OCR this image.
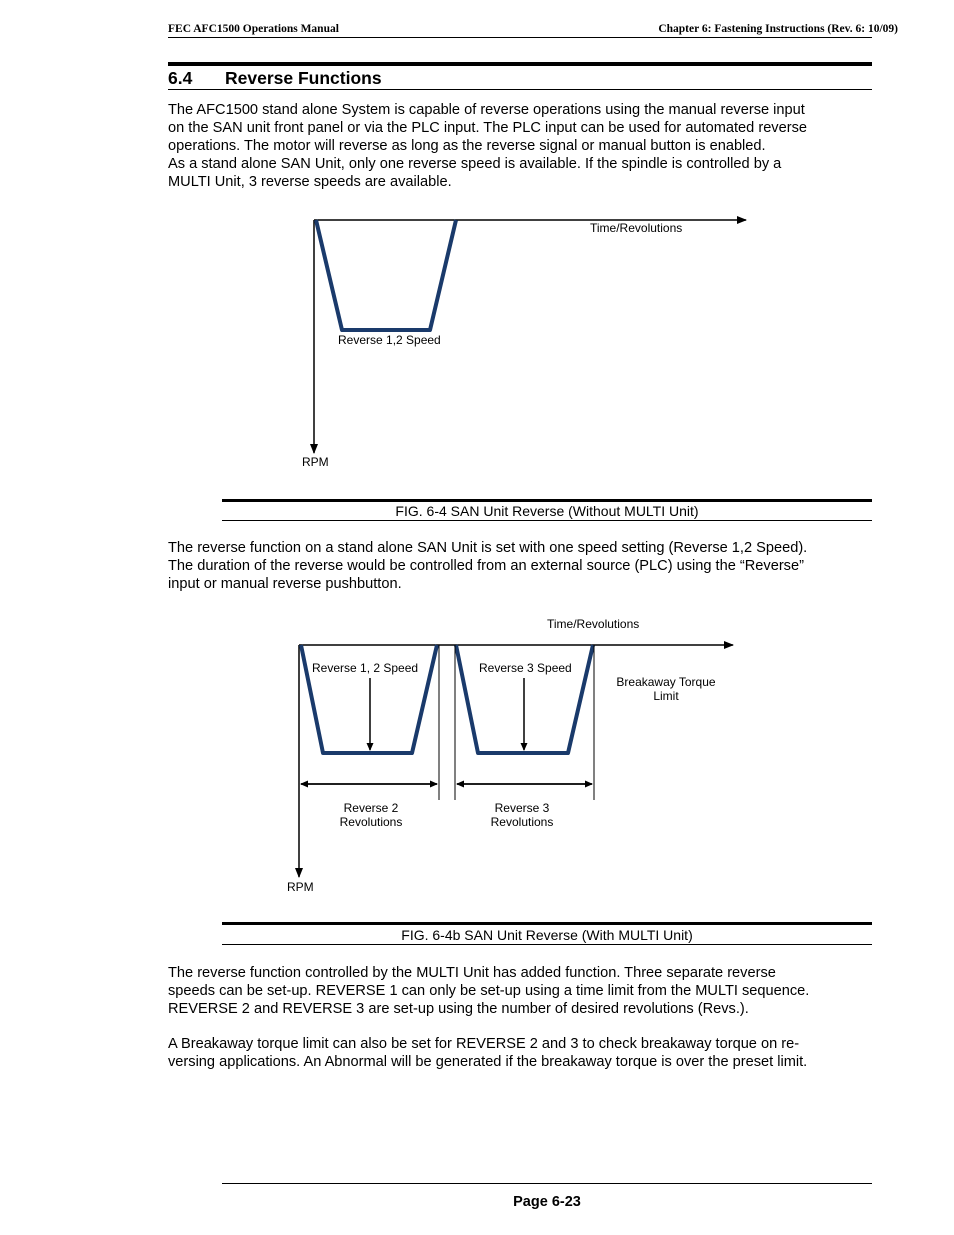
FEC AFC1500 Operations Manual	Chapter 6: Fastening Instructions (Rev. 6: 10/09)
6.4 Reverse Functions
The AFC1500 stand alone System is capable of reverse operations using the manual reverse input
on the SAN unit front panel or via the PLC input. The PLC input can be used for automated reverse
operations. The motor will reverse as long as the reverse signal or manual button is enabled.
As a stand alone SAN Unit, only one reverse speed is available. If the spindle is controlled by a
MULTI Unit, 3 reverse speeds are available.
Time/Revolutions
Reverse 1,2 Speed
RPM
FIG. 6-4 SAN Unit Reverse (Without MULTI Unit)
The reverse function on a stand alone SAN Unit is set with one speed setting (Reverse 1,2 Speed).
The duration of the reverse would be controlled from an external source (PLC) using the “Reverse”
input or manual reverse pushbutton.
Time/Revolutions
Reverse 1, 2 Speed	Reverse 3 Speed
Breakaway Torque
Limit
Reverse 2
Revolutions
Reverse 3
Revolutions
RPM
FIG. 6-4b SAN Unit Reverse (With MULTI Unit)
The reverse function controlled by the MULTI Unit has added function. Three separate reverse
speeds can be set-up. REVERSE 1 can only be set-up using a time limit from the MULTI sequence.
REVERSE 2 and REVERSE 3 are set-up using the number of desired revolutions (Revs.).
A Breakaway torque limit can also be set for REVERSE 2 and 3 to check breakaway torque on re-
versing applications. An Abnormal will be generated if the breakaway torque is over the preset limit.
Page 6-23
